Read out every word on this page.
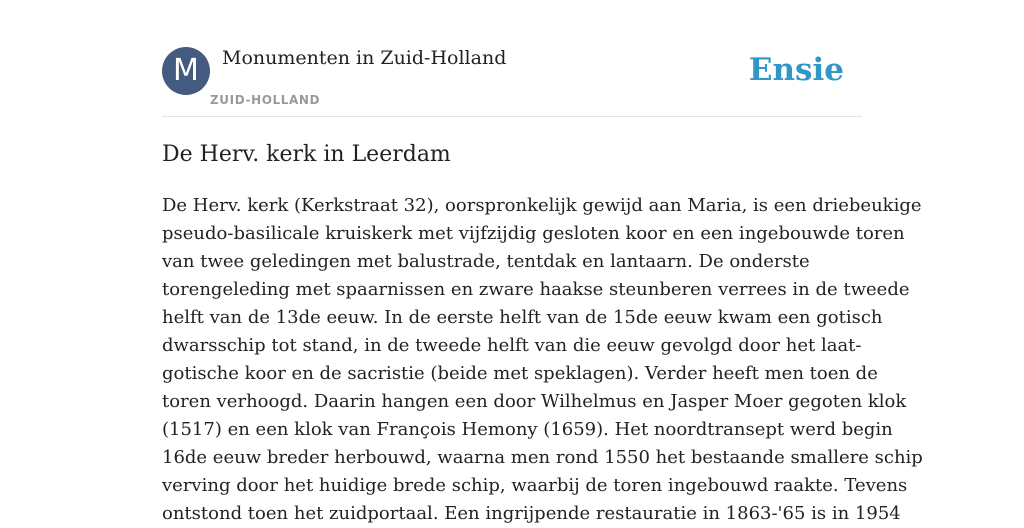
M	Monumenten in Zuid-Holland
ZUID-HOLLAND
Ensie
De Herv. kerk in Leerdam

De Herv. kerk (Kerkstraat 32), oorspronkelijk gewijd aan Maria, is een driebeukige
pseudo-basilicale kruiskerk met vijfzijdig gesloten koor en een ingebouwde toren
van twee geledingen met balustrade, tentdak en lantaarn. De onderste
torengeleding met spaarnissen en zware haakse steunberen verrees in de tweede
helft van de 13de eeuw. In de eerste helft van de 15de eeuw kwam een gotisch
dwarsschip tot stand, in de tweede helft van die eeuw gevolgd door het laat-
gotische koor en de sacristie (beide met speklagen). Verder heeft men toen de
toren verhoogd. Daarin hangen een door Wilhelmus en Jasper Moer gegoten klok
(1517) en een klok van François Hemony (1659). Het noordtransept werd begin
16de eeuw breder herbouwd, waarna men rond 1550 het bestaande smallere schip
verving door het huidige brede schip, waarbij de toren ingebouwd raakte. Tevens
ontstond toen het zuidportaal. Een ingrijpende restauratie in 1863-'65 is in 1954
